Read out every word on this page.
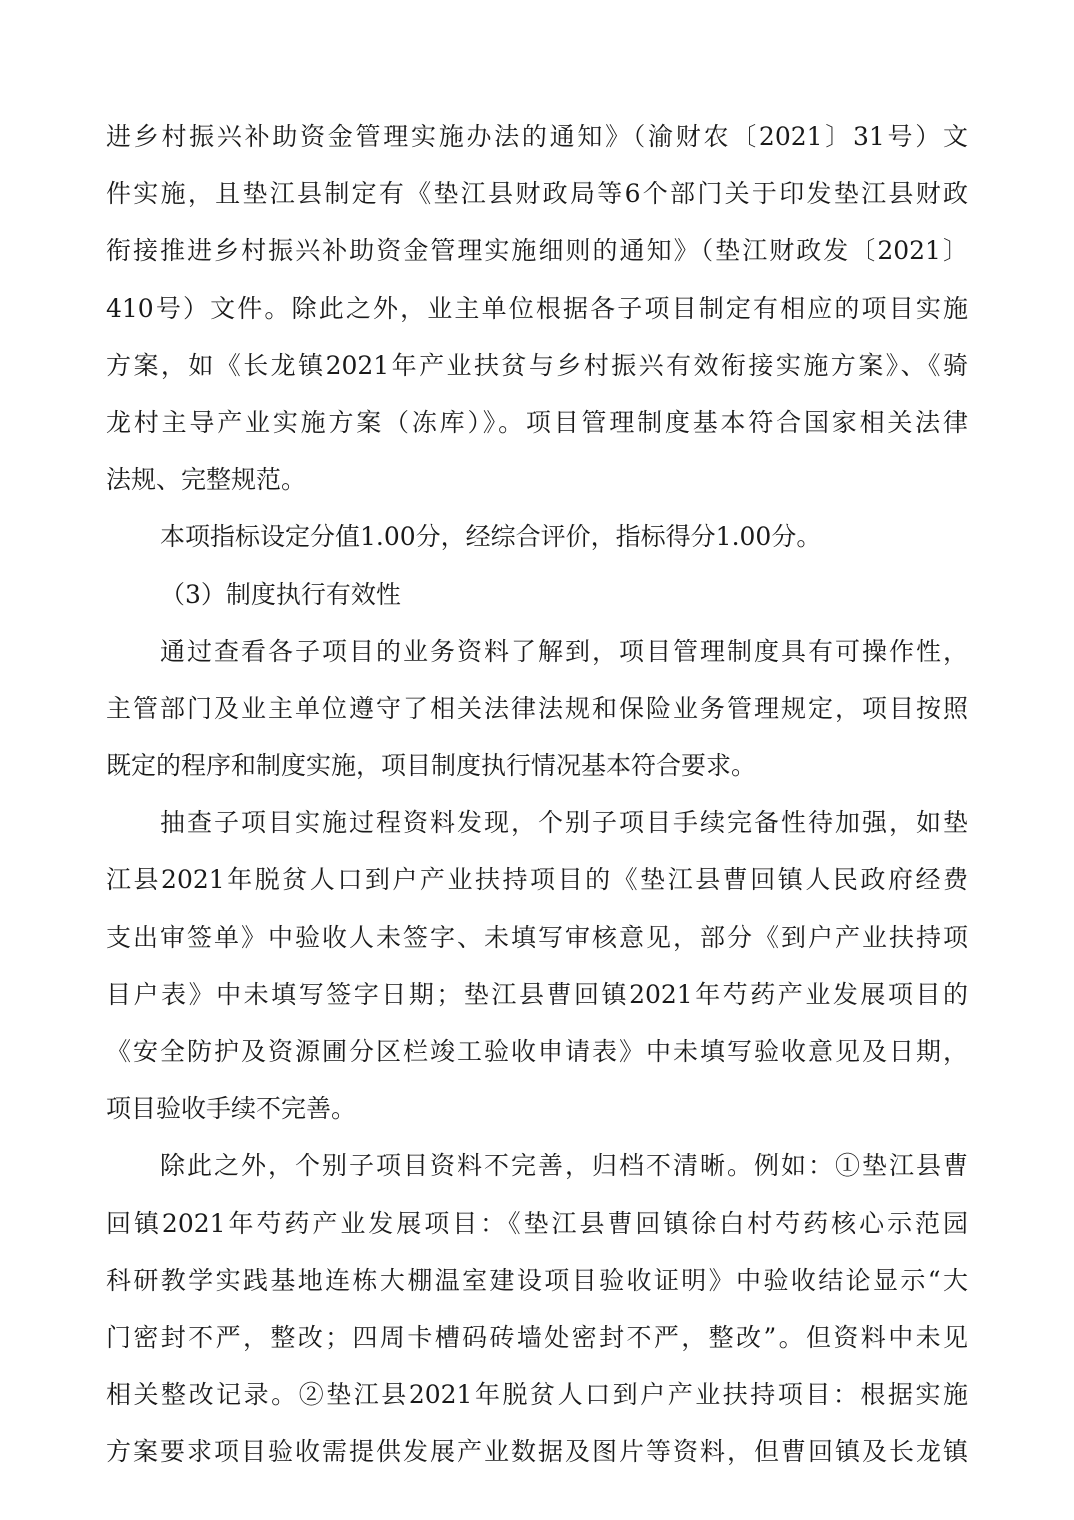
进乡村振兴补助资金管理实施办法的通知》（渝财农〔2021〕31号）文
件实施，且垫江县制定有《垫江县财政局等6个部门关于印发垫江县财政
衔接推进乡村振兴补助资金管理实施细则的通知》（垫江财政发〔2021〕
410号）文件。除此之外，业主单位根据各子项目制定有相应的项目实施
方案，如《长龙镇2021年产业扶贫与乡村振兴有效衔接实施方案》、《骑
龙村主导产业实施方案（冻库）》。项目管理制度基本符合国家相关法律
法规、完整规范。
本项指标设定分值1.00分，经综合评价，指标得分1.00分。
（3）制度执行有效性
通过查看各子项目的业务资料了解到，项目管理制度具有可操作性，
主管部门及业主单位遵守了相关法律法规和保险业务管理规定，项目按照
既定的程序和制度实施，项目制度执行情况基本符合要求。
抽查子项目实施过程资料发现，个别子项目手续完备性待加强，如垫
江县2021年脱贫人口到户产业扶持项目的《垫江县曹回镇人民政府经费
支出审签单》中验收人未签字、未填写审核意见，部分《到户产业扶持项
目户表》中未填写签字日期；垫江县曹回镇2021年芍药产业发展项目的
《安全防护及资源圃分区栏竣工验收申请表》中未填写验收意见及日期，
项目验收手续不完善。
除此之外，个别子项目资料不完善，归档不清晰。例如：①垫江县曹
回镇2021年芍药产业发展项目：《垫江县曹回镇徐白村芍药核心示范园
科研教学实践基地连栋大棚温室建设项目验收证明》中验收结论显示“大
门密封不严，整改；四周卡槽码砖墙处密封不严，整改”。但资料中未见
相关整改记录。②垫江县2021年脱贫人口到户产业扶持项目：根据实施
方案要求项目验收需提供发展产业数据及图片等资料，但曹回镇及长龙镇
